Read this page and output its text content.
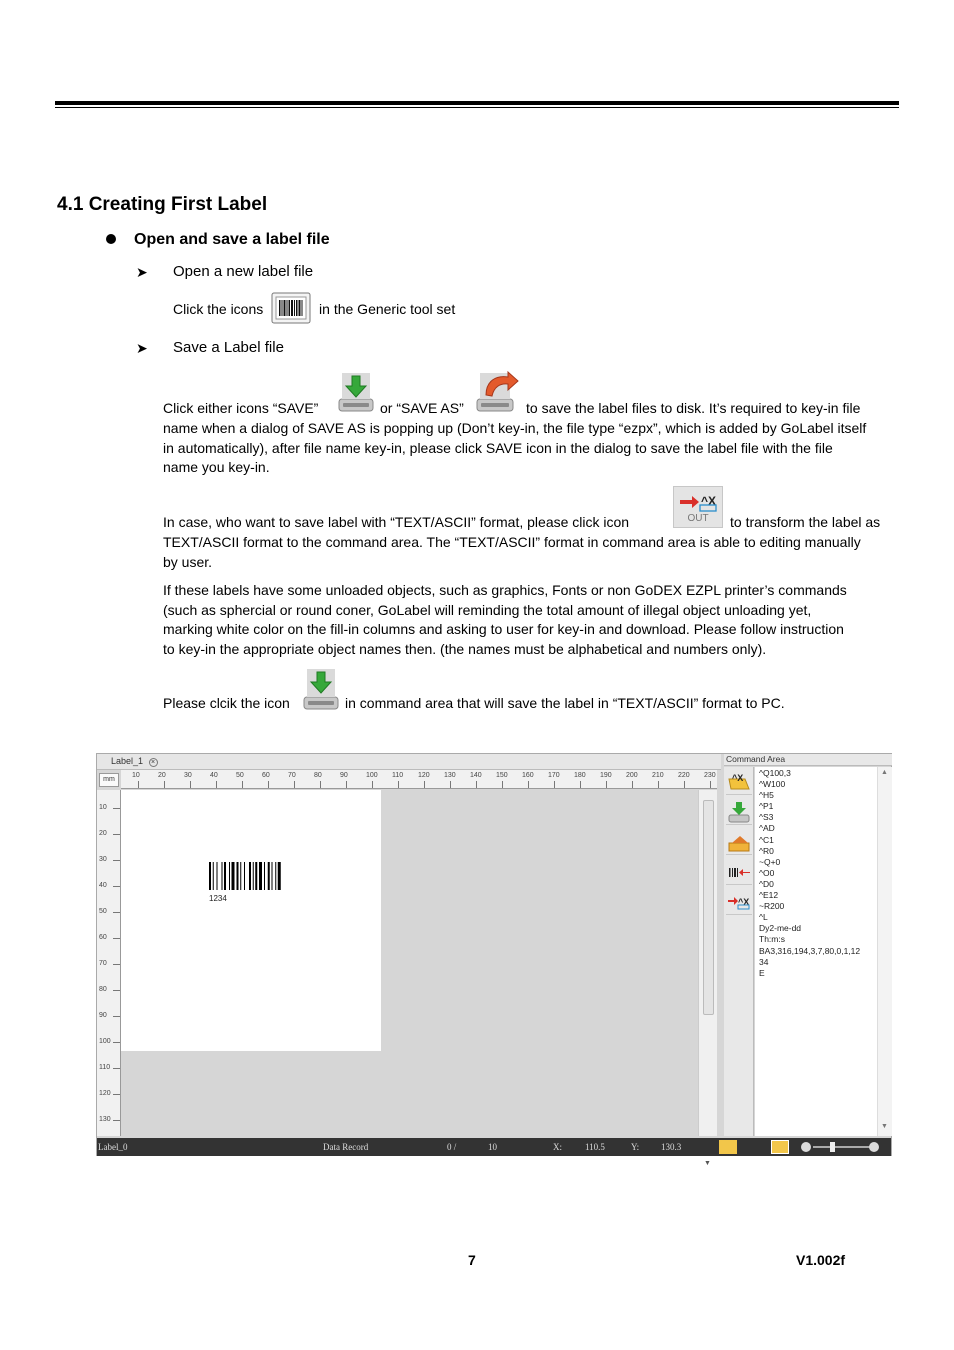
4.1 Creating First Label
Open and save a label file
➤ Open a new label file
Click the icons	in the Generic tool set
➤ Save a Label file
Click either icons “SAVE”	or “SAVE AS”	to save the label files to disk. It’s required to key-in file
name when a dialog of SAVE AS is popping up (Don’t key-in, the file type “ezpx”, which is added by GoLabel itself
in automatically), after file name key-in, please click SAVE icon in the dialog to save the label file with the file
name you key-in.
In case, who want to save label with “TEXT/ASCII” format, please click icon
^X
OUT	to transform the label as
TEXT/ASCII format to the command area. The “TEXT/ASCII” format in command area is able to editing manually
by user.
If these labels have some unloaded objects, such as graphics, Fonts or non GoDEX EZPL printer’s commands
(such as sphercial or round coner, GoLabel will reminding the total amount of illegal object unloading yet,
marking white color on the fill-in columns and asking to user for key-in and download. Please follow instruction
to key-in the appropriate object names then. (the names must be alphabetical and numbers only).
Please clcik the icon	in command area that will save the label in “TEXT/ASCII” format to PC.
Label_1 ×
mm
10	20	30	40	50	60	70	80	90	100 110 120 130 140 150 160 170 180 190 200 210 220 230
10
20
30
40
50
60
70
80
90
100
110
120
130
1234
▼
Command Area
^X
^X
^Q100,3
^W100
^H5
^P1
^S3
^AD
^C1
^R0
~Q+0
^O0
^D0
^E12
~R200
^L
Dy2-me-dd
Th:m:s
BA3,316,194,3,7,80,0,1,12
34
E
▲
▼
Label_0	Data Record	0 /	10	X:	110.5	Y: 130.3
7	V1.002f
